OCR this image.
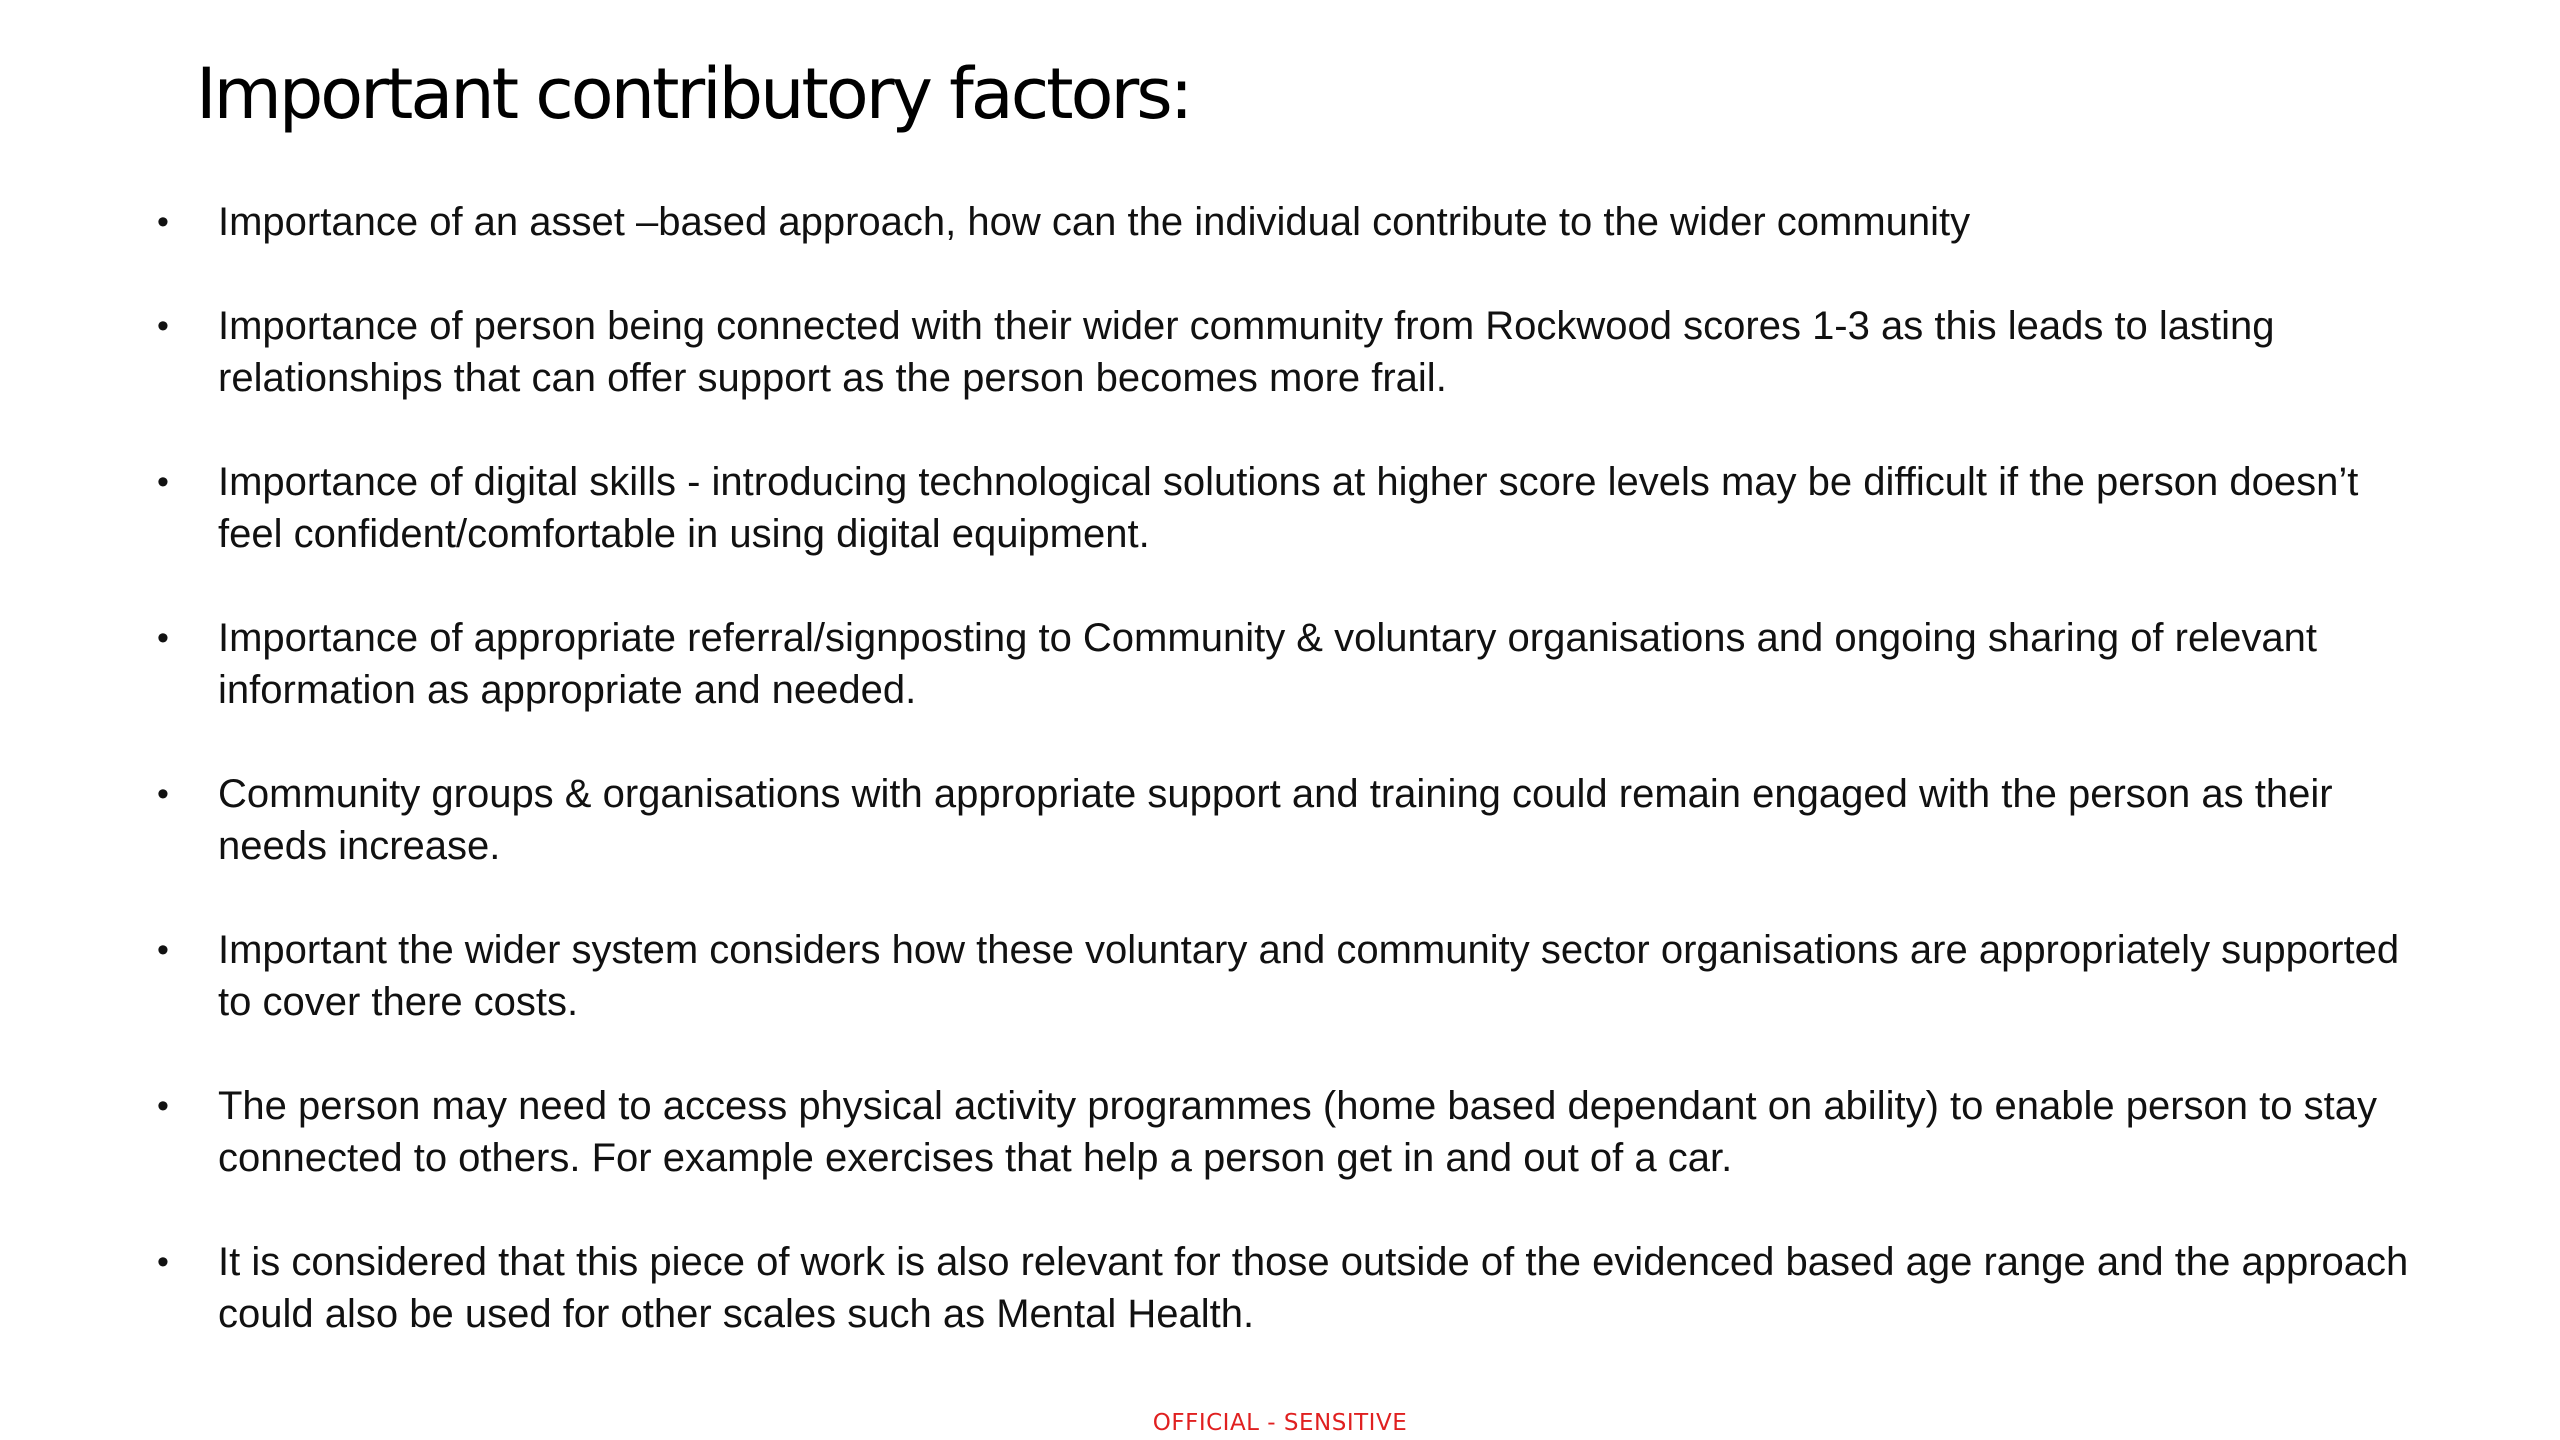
Important contributory factors:
• Importance of an asset –based approach, how can the individual contribute to the wider community
• Importance of person being connected with their wider community from Rockwood scores 1-3 as this leads to lasting relationships that can offer support as the person becomes more frail.
• Importance of digital skills - introducing technological solutions at higher score levels may be difficult if the person doesn’t feel confident/comfortable in using digital equipment.
• Importance of appropriate referral/signposting to Community & voluntary organisations and ongoing sharing of relevant information as appropriate and needed.
• Community groups & organisations with appropriate support and training could remain engaged with the person as their needs increase.
• Important the wider system considers how these voluntary and community sector organisations are appropriately supported to cover there costs.
• The person may need to access physical activity programmes (home based dependant on ability) to enable person to stay connected to others. For example exercises that help a person get in and out of a car.
• It is considered that this piece of work is also relevant for those outside of the evidenced based age range and the approach could also be used for other scales such as Mental Health.
OFFICIAL - SENSITIVE
